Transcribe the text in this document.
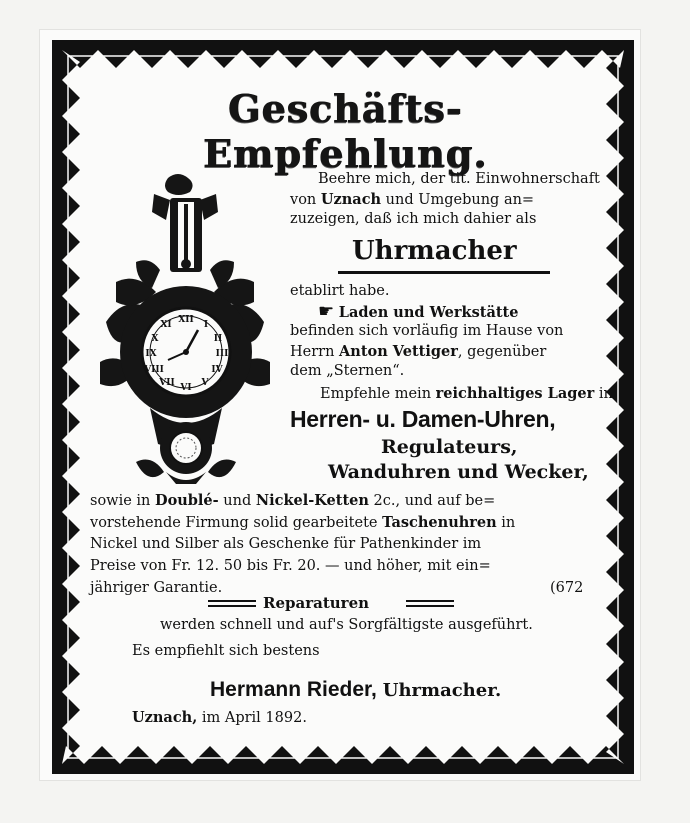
Geschäfts-Empfehlung.
XII I
II
III
IV
V
VI
VII
VIII
IX
X
XI
Beehre mich, der tit. Einwohnerschaft
von Uznach und Umgebung an=
zuzeigen, daß ich mich dahier als
Uhrmacher
etablirt habe.
☛ Laden und Werkstätte
befinden sich vorläufig im Hause von
Herrn Anton Vettiger, gegenüber
dem „Sternen“.
Empfehle mein reichhaltiges Lager in
Herren- u. Damen-Uhren,
Regulateurs,
Wanduhren und Wecker,
sowie in Doublé- und Nickel-Ketten 2c., und auf be=
vorstehende Firmung solid gearbeitete Taschenuhren in
Nickel und Silber als Geschenke für Pathenkinder im
Preise von Fr. 12. 50 bis Fr. 20. — und höher, mit ein=
jähriger Garantie.	(672
Reparaturen
werden schnell und auf's Sorgfältigste ausgeführt.
Es empfiehlt sich bestens
Hermann Rieder, Uhrmacher.
Uznach, im April 1892.
